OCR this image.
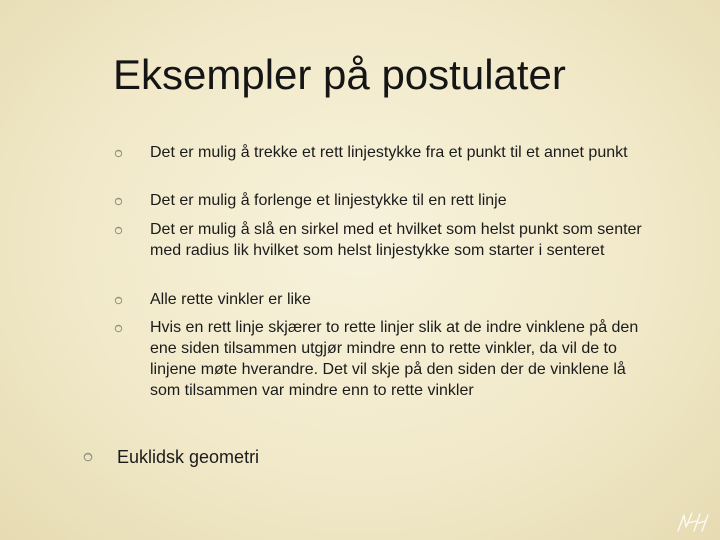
Eksempler på postulater
Det er mulig å trekke et rett linjestykke fra et punkt til et annet punkt
Det er mulig å forlenge et linjestykke til en rett linje
Det er mulig å slå en sirkel med et hvilket som helst punkt som senter med radius lik hvilket som helst linjestykke som starter i senteret
Alle rette vinkler er like
Hvis en rett linje skjærer to rette linjer slik at de indre vinklene på den ene siden tilsammen utgjør mindre enn to rette vinkler, da vil de to linjene møte hverandre. Det vil skje på den siden der de vinklene lå som tilsammen var mindre enn to rette vinkler
Euklidsk geometri
